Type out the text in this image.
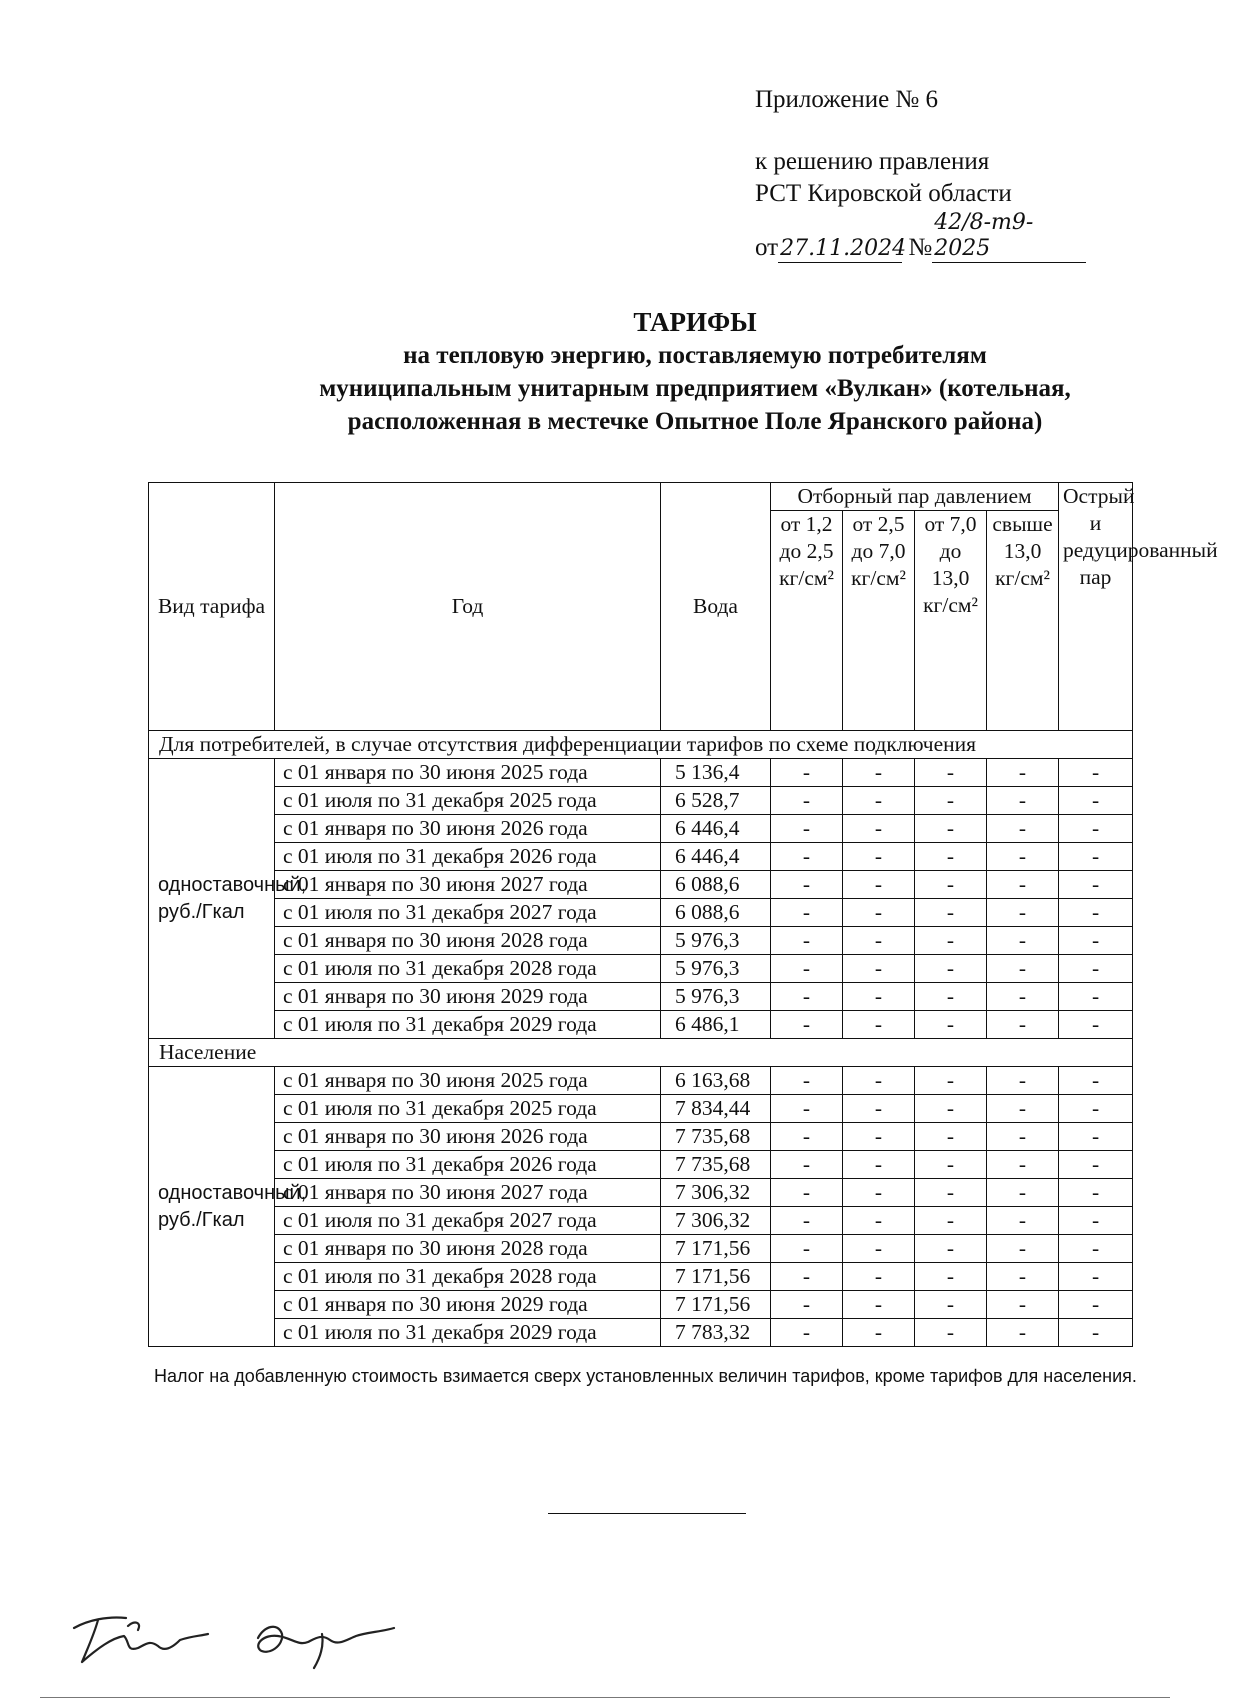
Приложение № 6
к решению правления
РСТ Кировской области
от27.11.2024 №42/8-т9-2025
ТАРИФЫ
на тепловую энергию, поставляемую потребителям
муниципальным унитарным предприятием «Вулкан» (котельная,
расположенная в местечке Опытное Поле Яранского района)
Вид тарифа	Год	Вода	Отборный пар давлением				Острый и редуцированный пар
			от 1,2 до 2,5 кг/см²	от 2,5 до 7,0 кг/см²	от 7,0 до 13,0 кг/см²	свыше 13,0 кг/см²	
Для потребителей, в случае отсутствия дифференциации тарифов по схеме подключения							
одноставочный, руб./Гкал	с 01 января по 30 июня 2025 года	5 136,4	-	-	-	-	-
	с 01 июля по 31 декабря 2025 года	6 528,7	-	-	-	-	-
	с 01 января по 30 июня 2026 года	6 446,4	-	-	-	-	-
	с 01 июля по 31 декабря 2026 года	6 446,4	-	-	-	-	-
	с 01 января по 30 июня 2027 года	6 088,6	-	-	-	-	-
	с 01 июля по 31 декабря 2027 года	6 088,6	-	-	-	-	-
	с 01 января по 30 июня 2028 года	5 976,3	-	-	-	-	-
	с 01 июля по 31 декабря 2028 года	5 976,3	-	-	-	-	-
	с 01 января по 30 июня 2029 года	5 976,3	-	-	-	-	-
	с 01 июля по 31 декабря 2029 года	6 486,1	-	-	-	-	-
Население							
одноставочный, руб./Гкал	с 01 января по 30 июня 2025 года	6 163,68	-	-	-	-	-
	с 01 июля по 31 декабря 2025 года	7 834,44	-	-	-	-	-
	с 01 января по 30 июня 2026 года	7 735,68	-	-	-	-	-
	с 01 июля по 31 декабря 2026 года	7 735,68	-	-	-	-	-
	с 01 января по 30 июня 2027 года	7 306,32	-	-	-	-	-
	с 01 июля по 31 декабря 2027 года	7 306,32	-	-	-	-	-
	с 01 января по 30 июня 2028 года	7 171,56	-	-	-	-	-
	с 01 июля по 31 декабря 2028 года	7 171,56	-	-	-	-	-
	с 01 января по 30 июня 2029 года	7 171,56	-	-	-	-	-
	с 01 июля по 31 декабря 2029 года	7 783,32	-	-	-	-	-
Налог на добавленную стоимость взимается сверх установленных величин тарифов, кроме тарифов для населения.
